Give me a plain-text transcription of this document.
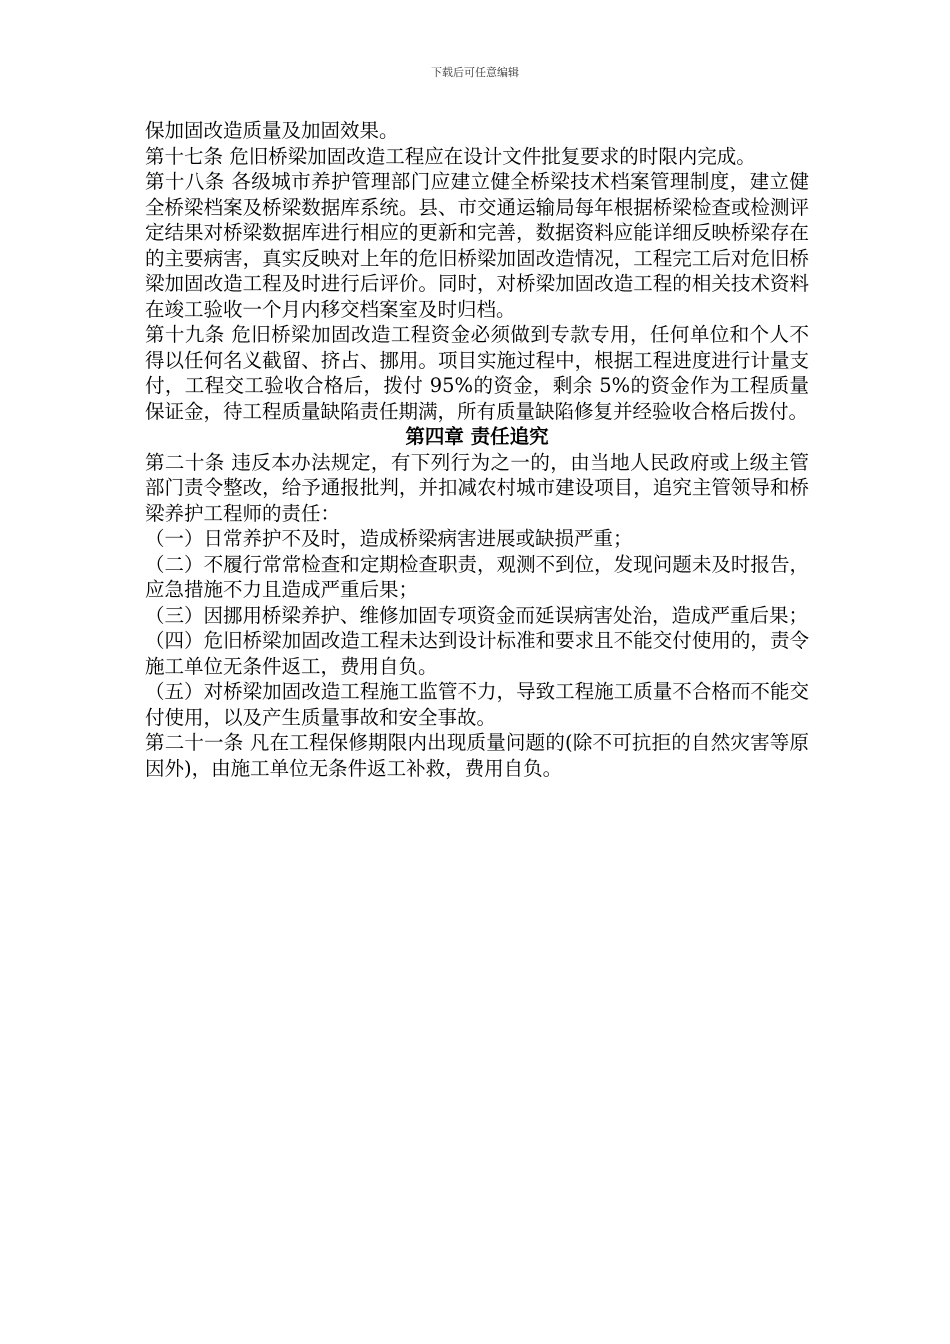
下载后可任意编辑

保加固改造质量及加固效果。

第十七条 危旧桥梁加固改造工程应在设计文件批复要求的时限内完成。

第十八条 各级城市养护管理部门应建立健全桥梁技术档案管理制度，建立健全桥梁档案及桥梁数据库系统。县、市交通运输局每年根据桥梁检查或检测评定结果对桥梁数据库进行相应的更新和完善，数据资料应能详细反映桥梁存在的主要病害，真实反映对上年的危旧桥梁加固改造情况，工程完工后对危旧桥梁加固改造工程及时进行后评价。同时，对桥梁加固改造工程的相关技术资料在竣工验收一个月内移交档案室及时归档。

第十九条 危旧桥梁加固改造工程资金必须做到专款专用，任何单位和个人不得以任何名义截留、挤占、挪用。项目实施过程中，根据工程进度进行计量支付，工程交工验收合格后，拨付 95%的资金，剩余 5%的资金作为工程质量保证金，待工程质量缺陷责任期满，所有质量缺陷修复并经验收合格后拨付。

第四章 责任追究

第二十条 违反本办法规定，有下列行为之一的，由当地人民政府或上级主管部门责令整改，给予通报批判，并扣减农村城市建设项目，追究主管领导和桥梁养护工程师的责任：

（一）日常养护不及时，造成桥梁病害进展或缺损严重；

（二）不履行常常检查和定期检查职责，观测不到位，发现问题未及时报告，应急措施不力且造成严重后果；

（三）因挪用桥梁养护、维修加固专项资金而延误病害处治，造成严重后果；

（四）危旧桥梁加固改造工程未达到设计标准和要求且不能交付使用的，责令施工单位无条件返工，费用自负。

（五）对桥梁加固改造工程施工监管不力，导致工程施工质量不合格而不能交付使用，以及产生质量事故和安全事故。

第二十一条 凡在工程保修期限内出现质量问题的(除不可抗拒的自然灾害等原因外)，由施工单位无条件返工补救，费用自负。
